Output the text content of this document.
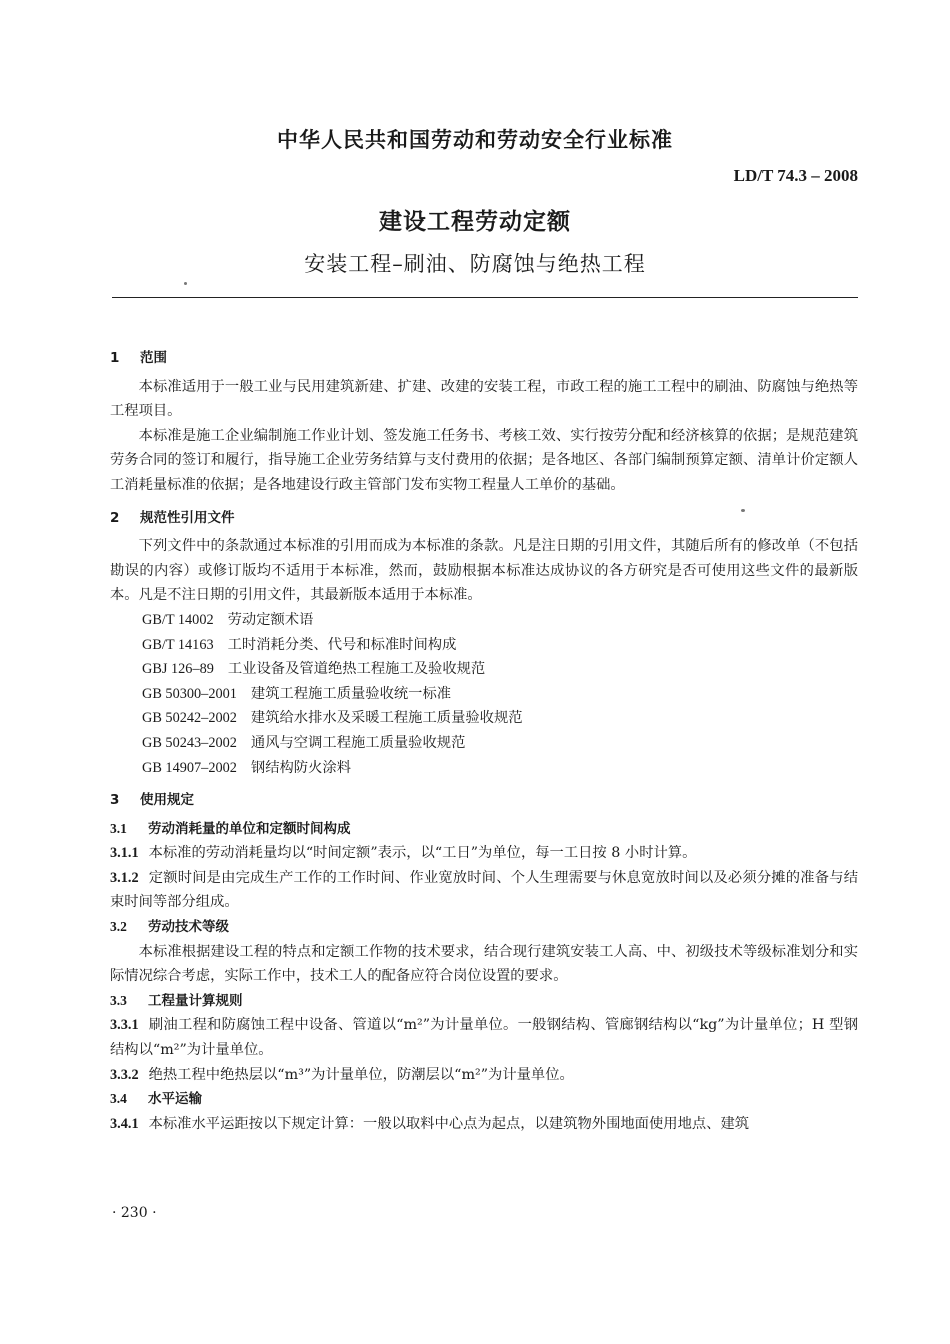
中华人民共和国劳动和劳动安全行业标准
LD/T 74.3 – 2008
建设工程劳动定额
安装工程–刷油、防腐蚀与绝热工程
1 范围

本标准适用于一般工业与民用建筑新建、扩建、改建的安装工程，市政工程的施工工程中的刷油、防腐蚀与绝热等工程项目。

本标准是施工企业编制施工作业计划、签发施工任务书、考核工效、实行按劳分配和经济核算的依据；是规范建筑劳务合同的签订和履行，指导施工企业劳务结算与支付费用的依据；是各地区、各部门编制预算定额、清单计价定额人工消耗量标准的依据；是各地建设行政主管部门发布实物工程量人工单价的基础。

2 规范性引用文件

下列文件中的条款通过本标准的引用而成为本标准的条款。凡是注日期的引用文件，其随后所有的修改单（不包括勘误的内容）或修订版均不适用于本标准，然而，鼓励根据本标准达成协议的各方研究是否可使用这些文件的最新版本。凡是不注日期的引用文件，其最新版本适用于本标准。

GB/T 14002 劳动定额术语
GB/T 14163 工时消耗分类、代号和标准时间构成
GBJ 126–89 工业设备及管道绝热工程施工及验收规范
GB 50300–2001 建筑工程施工质量验收统一标准
GB 50242–2002 建筑给水排水及采暖工程施工质量验收规范
GB 50243–2002 通风与空调工程施工质量验收规范
GB 14907–2002 钢结构防火涂料
3 使用规定
3.1 劳动消耗量的单位和定额时间构成

3.1.1 本标准的劳动消耗量均以“时间定额”表示，以“工日”为单位，每一工日按 8 小时计算。

3.1.2 定额时间是由完成生产工作的工作时间、作业宽放时间、个人生理需要与休息宽放时间以及必须分摊的准备与结束时间等部分组成。

3.2 劳动技术等级

本标准根据建设工程的特点和定额工作物的技术要求，结合现行建筑安装工人高、中、初级技术等级标准划分和实际情况综合考虑，实际工作中，技术工人的配备应符合岗位设置的要求。

3.3 工程量计算规则

3.3.1 刷油工程和防腐蚀工程中设备、管道以“m²”为计量单位。一般钢结构、管廊钢结构以“kg”为计量单位；H 型钢结构以“m²”为计量单位。

3.3.2 绝热工程中绝热层以“m³”为计量单位，防潮层以“m²”为计量单位。

3.4 水平运输

3.4.1 本标准水平运距按以下规定计算：一般以取料中心点为起点，以建筑物外围地面使用地点、建筑

· 230 ·
